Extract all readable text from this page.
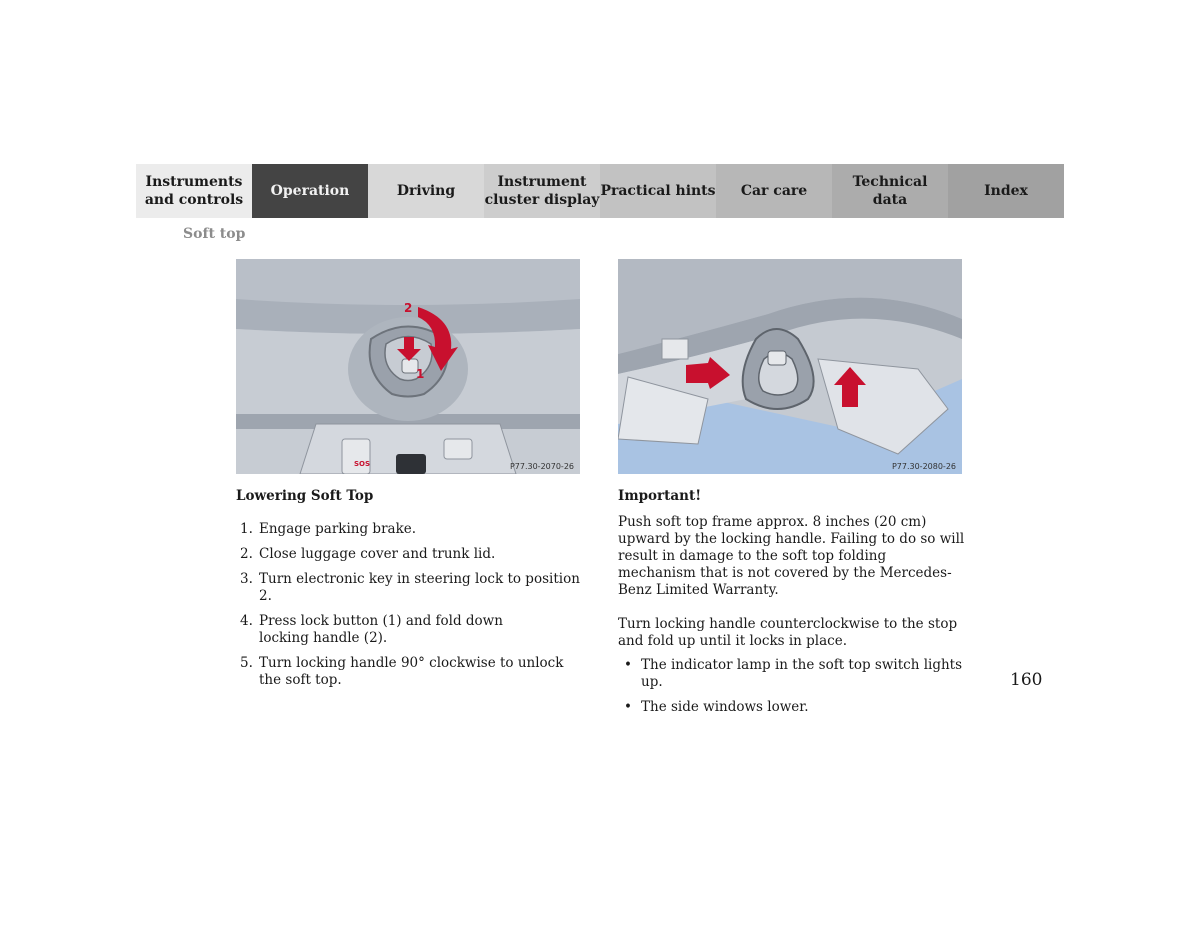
Instruments
and controls
Operation	Driving
Instrument
cluster display
Practical hints	Car care
Technical
data
Index
Soft top
2
1
SOS	P77.30-2070-26	P77.30-2080-26
Lowering Soft Top
1. Engage parking brake.
2. Close luggage cover and trunk lid.
3. Turn electronic key in steering lock to position 2.
4. Press lock button (1) and fold down locking handle (2).
5. Turn locking handle 90° clockwise to unlock the soft top.
Important!

Push soft top frame approx. 8 inches (20 cm) upward by the locking handle. Failing to do so will result in damage to the soft top folding mechanism that is not covered by the Mercedes-Benz Limited Warranty.

Turn locking handle counterclockwise to the stop and fold up until it locks in place.

• The indicator lamp in the soft top switch lights up.
• The side windows lower.
160
